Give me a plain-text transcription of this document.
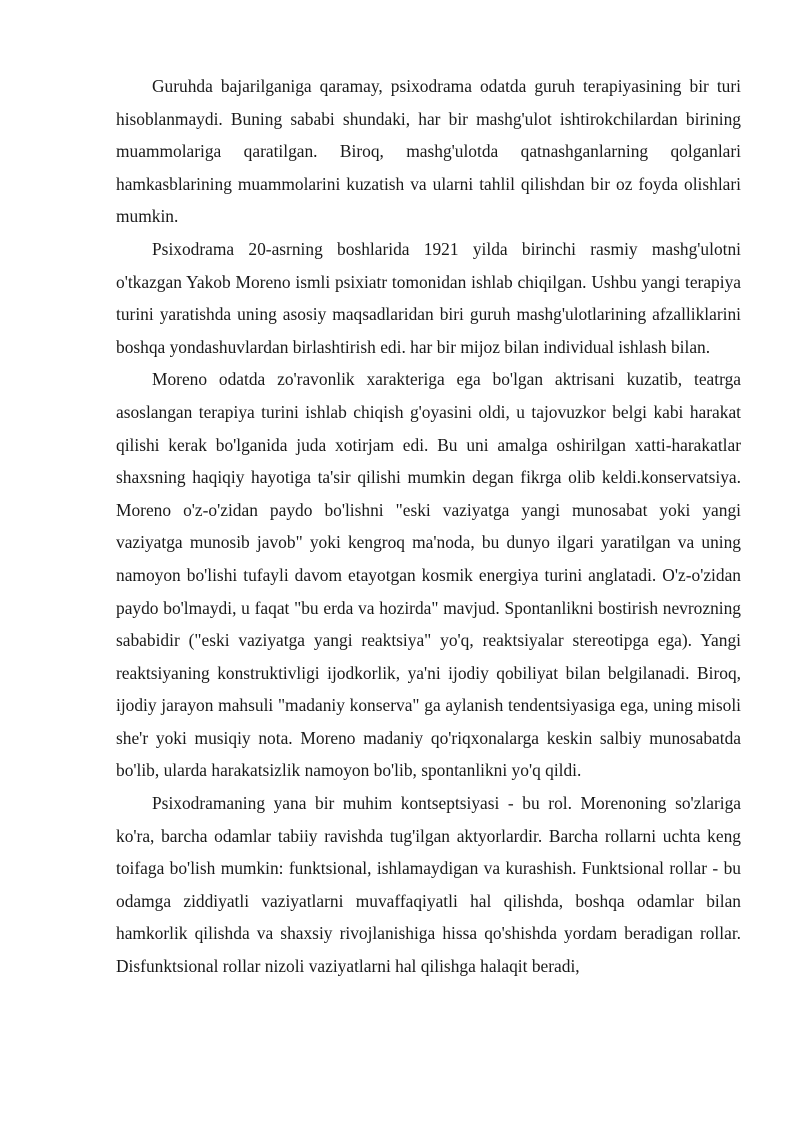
Guruhda bajarilganiga qaramay, psixodrama odatda guruh terapiyasining bir turi hisoblanmaydi. Buning sababi shundaki, har bir mashg'ulot ishtirokchilardan birining muammolariga qaratilgan. Biroq, mashg'ulotda qatnashganlarning qolganlari hamkasblarining muammolarini kuzatish va ularni tahlil qilishdan bir oz foyda olishlari mumkin.

Psixodrama 20-asrning boshlarida 1921 yilda birinchi rasmiy mashg'ulotni o'tkazgan Yakob Moreno ismli psixiatr tomonidan ishlab chiqilgan. Ushbu yangi terapiya turini yaratishda uning asosiy maqsadlaridan biri guruh mashg'ulotlarining afzalliklarini boshqa yondashuvlardan birlashtirish edi. har bir mijoz bilan individual ishlash bilan.

Moreno odatda zo'ravonlik xarakteriga ega bo'lgan aktrisani kuzatib, teatrga asoslangan terapiya turini ishlab chiqish g'oyasini oldi, u tajovuzkor belgi kabi harakat qilishi kerak bo'lganida juda xotirjam edi. Bu uni amalga oshirilgan xatti-harakatlar shaxsning haqiqiy hayotiga ta'sir qilishi mumkin degan fikrga olib keldi.konservatsiya. Moreno o'z-o'zidan paydo bo'lishni "eski vaziyatga yangi munosabat yoki yangi vaziyatga munosib javob" yoki kengroq ma'noda, bu dunyo ilgari yaratilgan va uning namoyon bo'lishi tufayli davom etayotgan kosmik energiya turini anglatadi. O'z-o'zidan paydo bo'lmaydi, u faqat "bu erda va hozirda" mavjud. Spontanlikni bostirish nevrozning sababidir ("eski vaziyatga yangi reaktsiya" yo'q, reaktsiyalar stereotipga ega). Yangi reaktsiyaning konstruktivligi ijodkorlik, ya'ni ijodiy qobiliyat bilan belgilanadi. Biroq, ijodiy jarayon mahsuli "madaniy konserva" ga aylanish tendentsiyasiga ega, uning misoli she'r yoki musiqiy nota. Moreno madaniy qo'riqxonalarga keskin salbiy munosabatda bo'lib, ularda harakatsizlik namoyon bo'lib, spontanlikni yo'q qildi.

Psixodramaning yana bir muhim kontseptsiyasi - bu rol. Morenoning so'zlariga ko'ra, barcha odamlar tabiiy ravishda tug'ilgan aktyorlardir. Barcha rollarni uchta keng toifaga bo'lish mumkin: funktsional, ishlamaydigan va kurashish. Funktsional rollar - bu odamga ziddiyatli vaziyatlarni muvaffaqiyatli hal qilishda, boshqa odamlar bilan hamkorlik qilishda va shaxsiy rivojlanishiga hissa qo'shishda yordam beradigan rollar. Disfunktsional rollar nizoli vaziyatlarni hal qilishga halaqit beradi,
